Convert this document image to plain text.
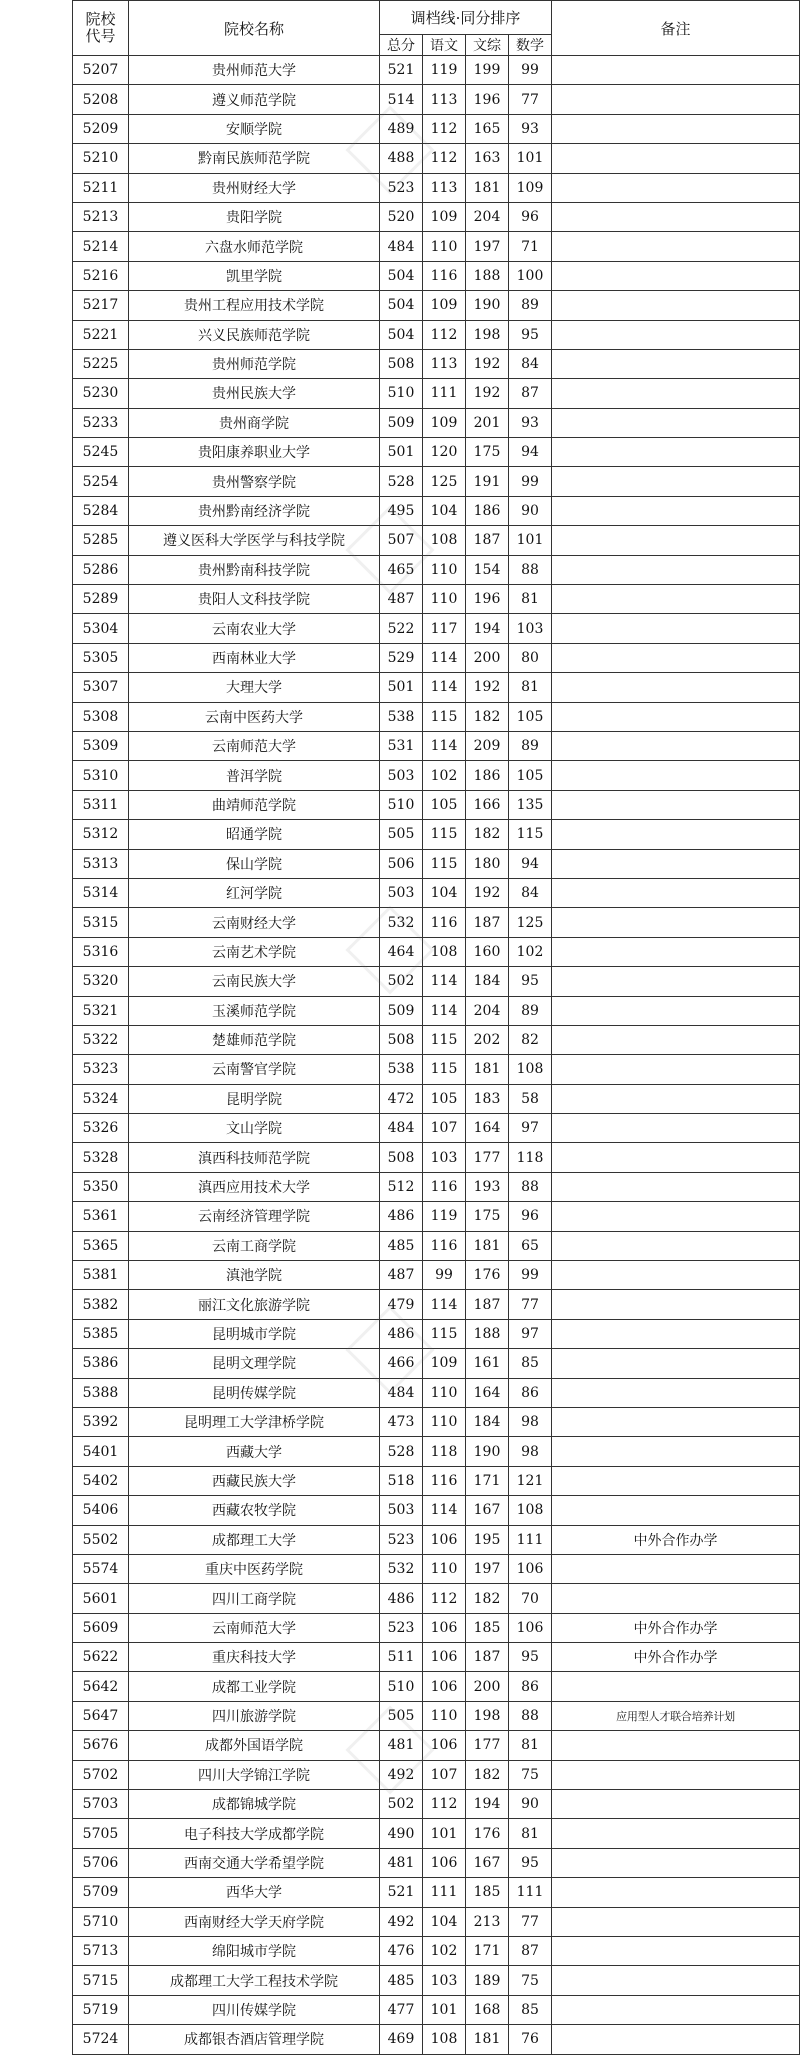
院校
代号	院校名称	调档线·同分排序				备注
		总分	语文	文综	数学	
5207	贵州师范大学	521	119	199	99	
5208	遵义师范学院	514	113	196	77	
5209	安顺学院	489	112	165	93	
5210	黔南民族师范学院	488	112	163	101	
5211	贵州财经大学	523	113	181	109	
5213	贵阳学院	520	109	204	96	
5214	六盘水师范学院	484	110	197	71	
5216	凯里学院	504	116	188	100	
5217	贵州工程应用技术学院	504	109	190	89	
5221	兴义民族师范学院	504	112	198	95	
5225	贵州师范学院	508	113	192	84	
5230	贵州民族大学	510	111	192	87	
5233	贵州商学院	509	109	201	93	
5245	贵阳康养职业大学	501	120	175	94	
5254	贵州警察学院	528	125	191	99	
5284	贵州黔南经济学院	495	104	186	90	
5285	遵义医科大学医学与科技学院	507	108	187	101	
5286	贵州黔南科技学院	465	110	154	88	
5289	贵阳人文科技学院	487	110	196	81	
5304	云南农业大学	522	117	194	103	
5305	西南林业大学	529	114	200	80	
5307	大理大学	501	114	192	81	
5308	云南中医药大学	538	115	182	105	
5309	云南师范大学	531	114	209	89	
5310	普洱学院	503	102	186	105	
5311	曲靖师范学院	510	105	166	135	
5312	昭通学院	505	115	182	115	
5313	保山学院	506	115	180	94	
5314	红河学院	503	104	192	84	
5315	云南财经大学	532	116	187	125	
5316	云南艺术学院	464	108	160	102	
5320	云南民族大学	502	114	184	95	
5321	玉溪师范学院	509	114	204	89	
5322	楚雄师范学院	508	115	202	82	
5323	云南警官学院	538	115	181	108	
5324	昆明学院	472	105	183	58	
5326	文山学院	484	107	164	97	
5328	滇西科技师范学院	508	103	177	118	
5350	滇西应用技术大学	512	116	193	88	
5361	云南经济管理学院	486	119	175	96	
5365	云南工商学院	485	116	181	65	
5381	滇池学院	487	99	176	99	
5382	丽江文化旅游学院	479	114	187	77	
5385	昆明城市学院	486	115	188	97	
5386	昆明文理学院	466	109	161	85	
5388	昆明传媒学院	484	110	164	86	
5392	昆明理工大学津桥学院	473	110	184	98	
5401	西藏大学	528	118	190	98	
5402	西藏民族大学	518	116	171	121	
5406	西藏农牧学院	503	114	167	108	
5502	成都理工大学	523	106	195	111	中外合作办学
5574	重庆中医药学院	532	110	197	106	
5601	四川工商学院	486	112	182	70	
5609	云南师范大学	523	106	185	106	中外合作办学
5622	重庆科技大学	511	106	187	95	中外合作办学
5642	成都工业学院	510	106	200	86	
5647	四川旅游学院	505	110	198	88	应用型人才联合培养计划
5676	成都外国语学院	481	106	177	81	
5702	四川大学锦江学院	492	107	182	75	
5703	成都锦城学院	502	112	194	90	
5705	电子科技大学成都学院	490	101	176	81	
5706	西南交通大学希望学院	481	106	167	95	
5709	西华大学	521	111	185	111	
5710	西南财经大学天府学院	492	104	213	77	
5713	绵阳城市学院	476	102	171	87	
5715	成都理工大学工程技术学院	485	103	189	75	
5719	四川传媒学院	477	101	168	85	
5724	成都银杏酒店管理学院	469	108	181	76	
